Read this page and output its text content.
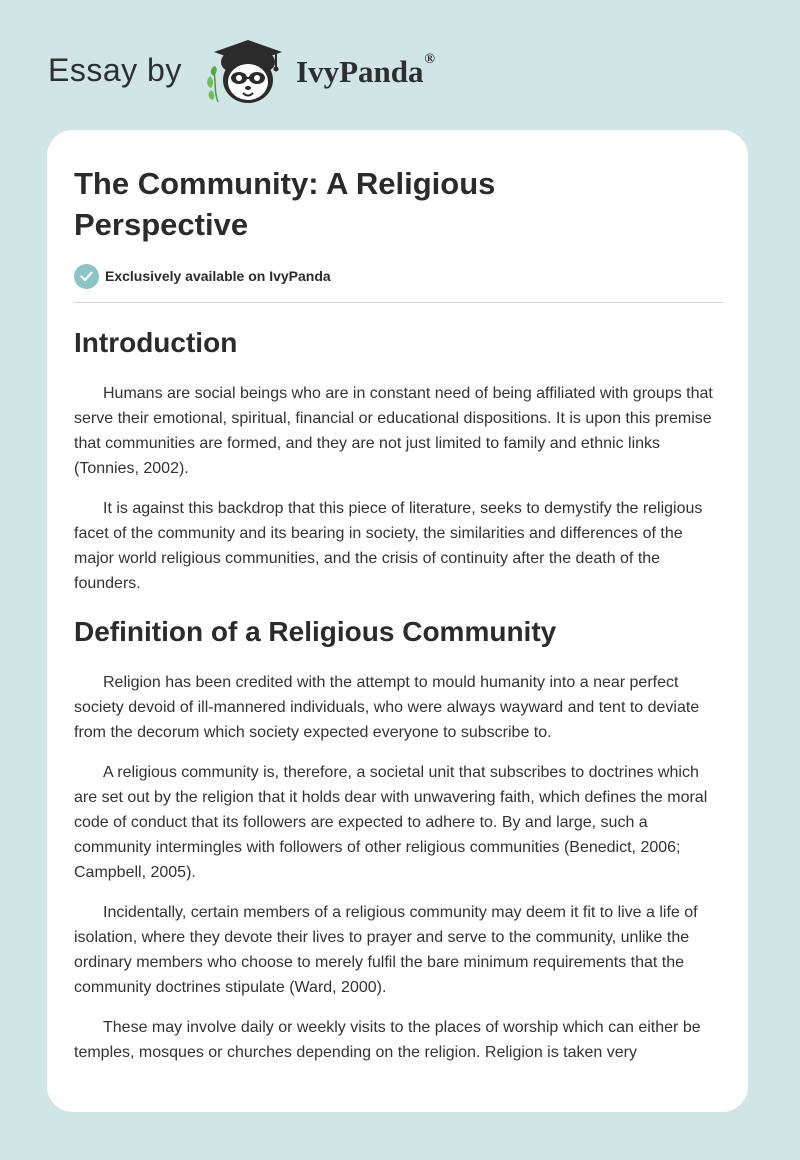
Essay by	IvyPanda®
The Community: A Religious Perspective
Exclusively available on IvyPanda
Introduction

Humans are social beings who are in constant need of being affiliated with groups that serve their emotional, spiritual, financial or educational dispositions. It is upon this premise that communities are formed, and they are not just limited to family and ethnic links (Tonnies, 2002).

It is against this backdrop that this piece of literature, seeks to demystify the religious facet of the community and its bearing in society, the similarities and differences of the major world religious communities, and the crisis of continuity after the death of the founders.

Definition of a Religious Community

Religion has been credited with the attempt to mould humanity into a near perfect society devoid of ill-mannered individuals, who were always wayward and tent to deviate from the decorum which society expected everyone to subscribe to.

A religious community is, therefore, a societal unit that subscribes to doctrines which are set out by the religion that it holds dear with unwavering faith, which defines the moral code of conduct that its followers are expected to adhere to. By and large, such a community intermingles with followers of other religious communities (Benedict, 2006; Campbell, 2005).

Incidentally, certain members of a religious community may deem it fit to live a life of isolation, where they devote their lives to prayer and serve to the community, unlike the ordinary members who choose to merely fulfil the bare minimum requirements that the community doctrines stipulate (Ward, 2000).

These may involve daily or weekly visits to the places of worship which can either be temples, mosques or churches depending on the religion. Religion is taken very
